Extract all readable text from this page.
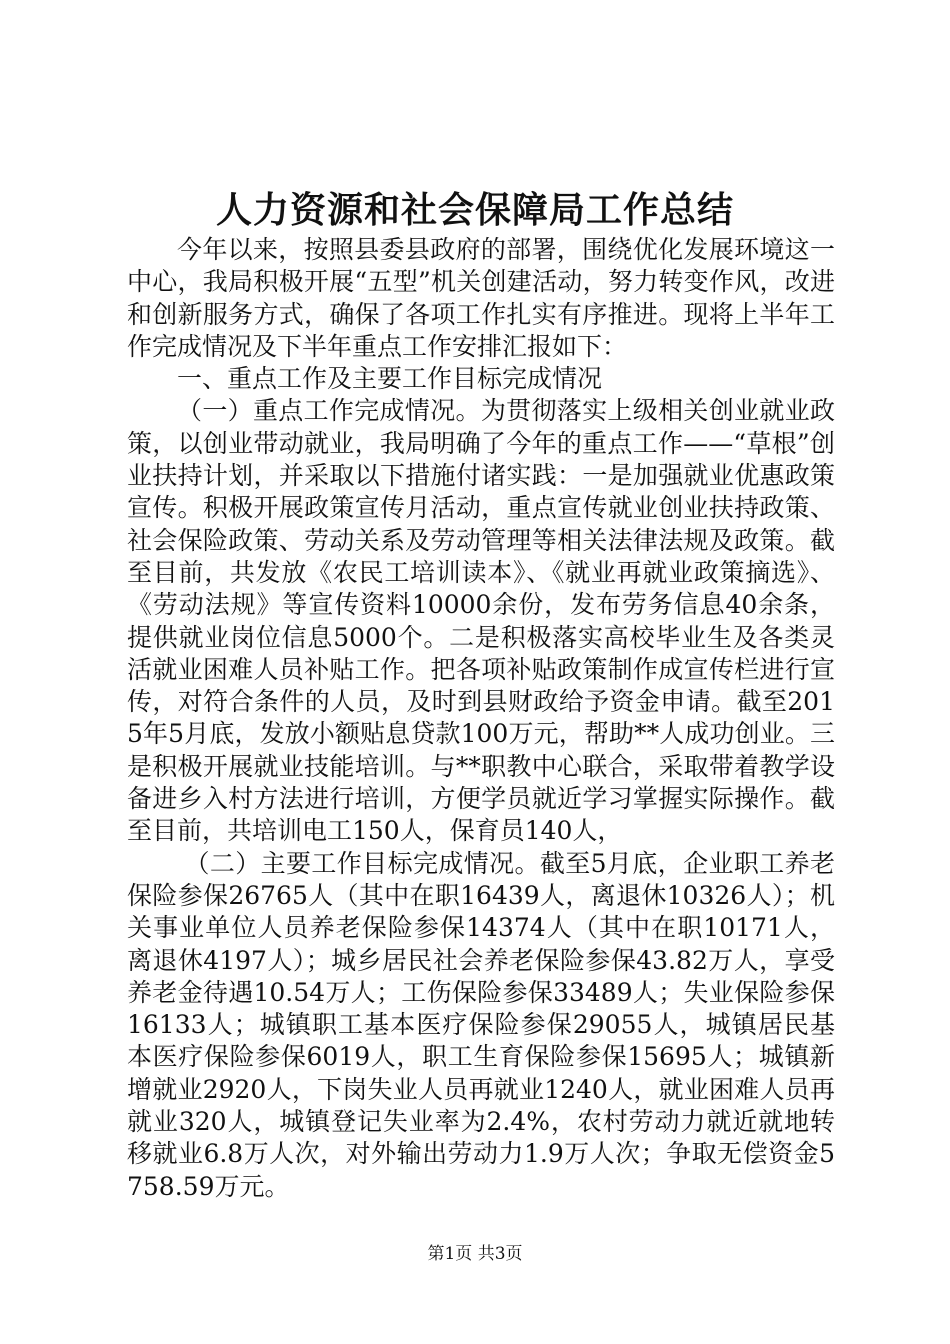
人力资源和社会保障局工作总结

今年以来，按照县委县政府的部署，围绕优化发展环境这一中心，我局积极开展“五型”机关创建活动，努力转变作风，改进和创新服务方式，确保了各项工作扎实有序推进。现将上半年工作完成情况及下半年重点工作安排汇报如下：

一、重点工作及主要工作目标完成情况

（一）重点工作完成情况。为贯彻落实上级相关创业就业政策，以创业带动就业，我局明确了今年的重点工作——“草根”创业扶持计划，并采取以下措施付诸实践：一是加强就业优惠政策宣传。积极开展政策宣传月活动，重点宣传就业创业扶持政策、社会保险政策、劳动关系及劳动管理等相关法律法规及政策。截至目前，共发放《农民工培训读本》、《就业再就业政策摘选》、《劳动法规》等宣传资料10000余份，发布劳务信息40余条，提供就业岗位信息5000个。二是积极落实高校毕业生及各类灵活就业困难人员补贴工作。把各项补贴政策制作成宣传栏进行宣传，对符合条件的人员，及时到县财政给予资金申请。截至2015年5月底，发放小额贴息贷款100万元，帮助**人成功创业。三是积极开展就业技能培训。与**职教中心联合，采取带着教学设备进乡入村方法进行培训，方便学员就近学习掌握实际操作。截至目前，共培训电工150人，保育员140人，

（二）主要工作目标完成情况。截至5月底，企业职工养老保险参保26765人（其中在职16439人，离退休10326人）；机关事业单位人员养老保险参保14374人（其中在职10171人，离退休4197人）；城乡居民社会养老保险参保43.82万人，享受养老金待遇10.54万人；工伤保险参保33489人；失业保险参保16133人；城镇职工基本医疗保险参保29055人，城镇居民基本医疗保险参保6019人，职工生育保险参保15695人；城镇新增就业2920人，下岗失业人员再就业1240人，就业困难人员再就业320人，城镇登记失业率为2.4%，农村劳动力就近就地转移就业6.8万人次，对外输出劳动力1.9万人次；争取无偿资金5758.59万元。

第1页 共3页
